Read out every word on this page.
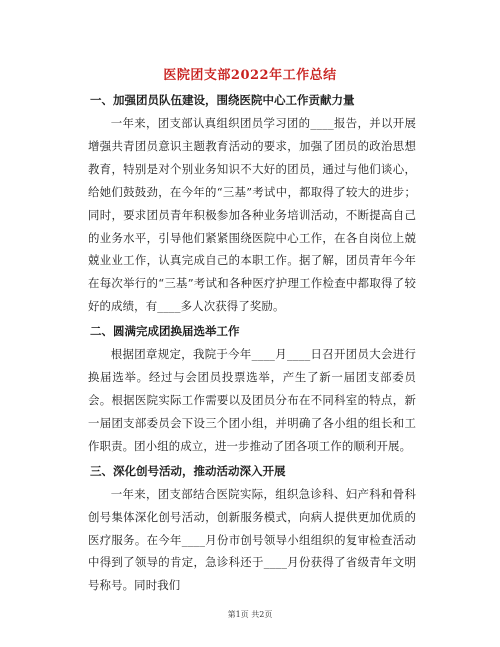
医院团支部2022年工作总结
一、加强团员队伍建设，围绕医院中心工作贡献力量

一年来，团支部认真组织团员学习团的____报告，并以开展增强共青团员意识主题教育活动的要求，加强了团员的政治思想教育，特别是对个别业务知识不大好的团员，通过与他们谈心，给她们鼓鼓劲，在今年的“三基”考试中，都取得了较大的进步；同时，要求团员青年积极参加各种业务培训活动，不断提高自己的业务水平，引导他们紧紧围绕医院中心工作，在各自岗位上兢兢业业工作，认真完成自己的本职工作。据了解，团员青年今年在每次举行的“三基”考试和各种医疗护理工作检查中都取得了较好的成绩，有____多人次获得了奖励。

二、圆满完成团换届选举工作

根据团章规定，我院于今年____月____日召开团员大会进行换届选举。经过与会团员投票选举，产生了新一届团支部委员会。根据医院实际工作需要以及团员分布在不同科室的特点，新一届团支部委员会下设三个团小组，并明确了各小组的组长和工作职责。团小组的成立，进一步推动了团各项工作的顺利开展。

三、深化创号活动，推动活动深入开展

一年来，团支部结合医院实际，组织急诊科、妇产科和骨科创号集体深化创号活动，创新服务模式，向病人提供更加优质的医疗服务。在今年____月份市创号领导小组组织的复审检查活动中得到了领导的肯定，急诊科还于____月份获得了省级青年文明号称号。同时我们

第1页 共2页
